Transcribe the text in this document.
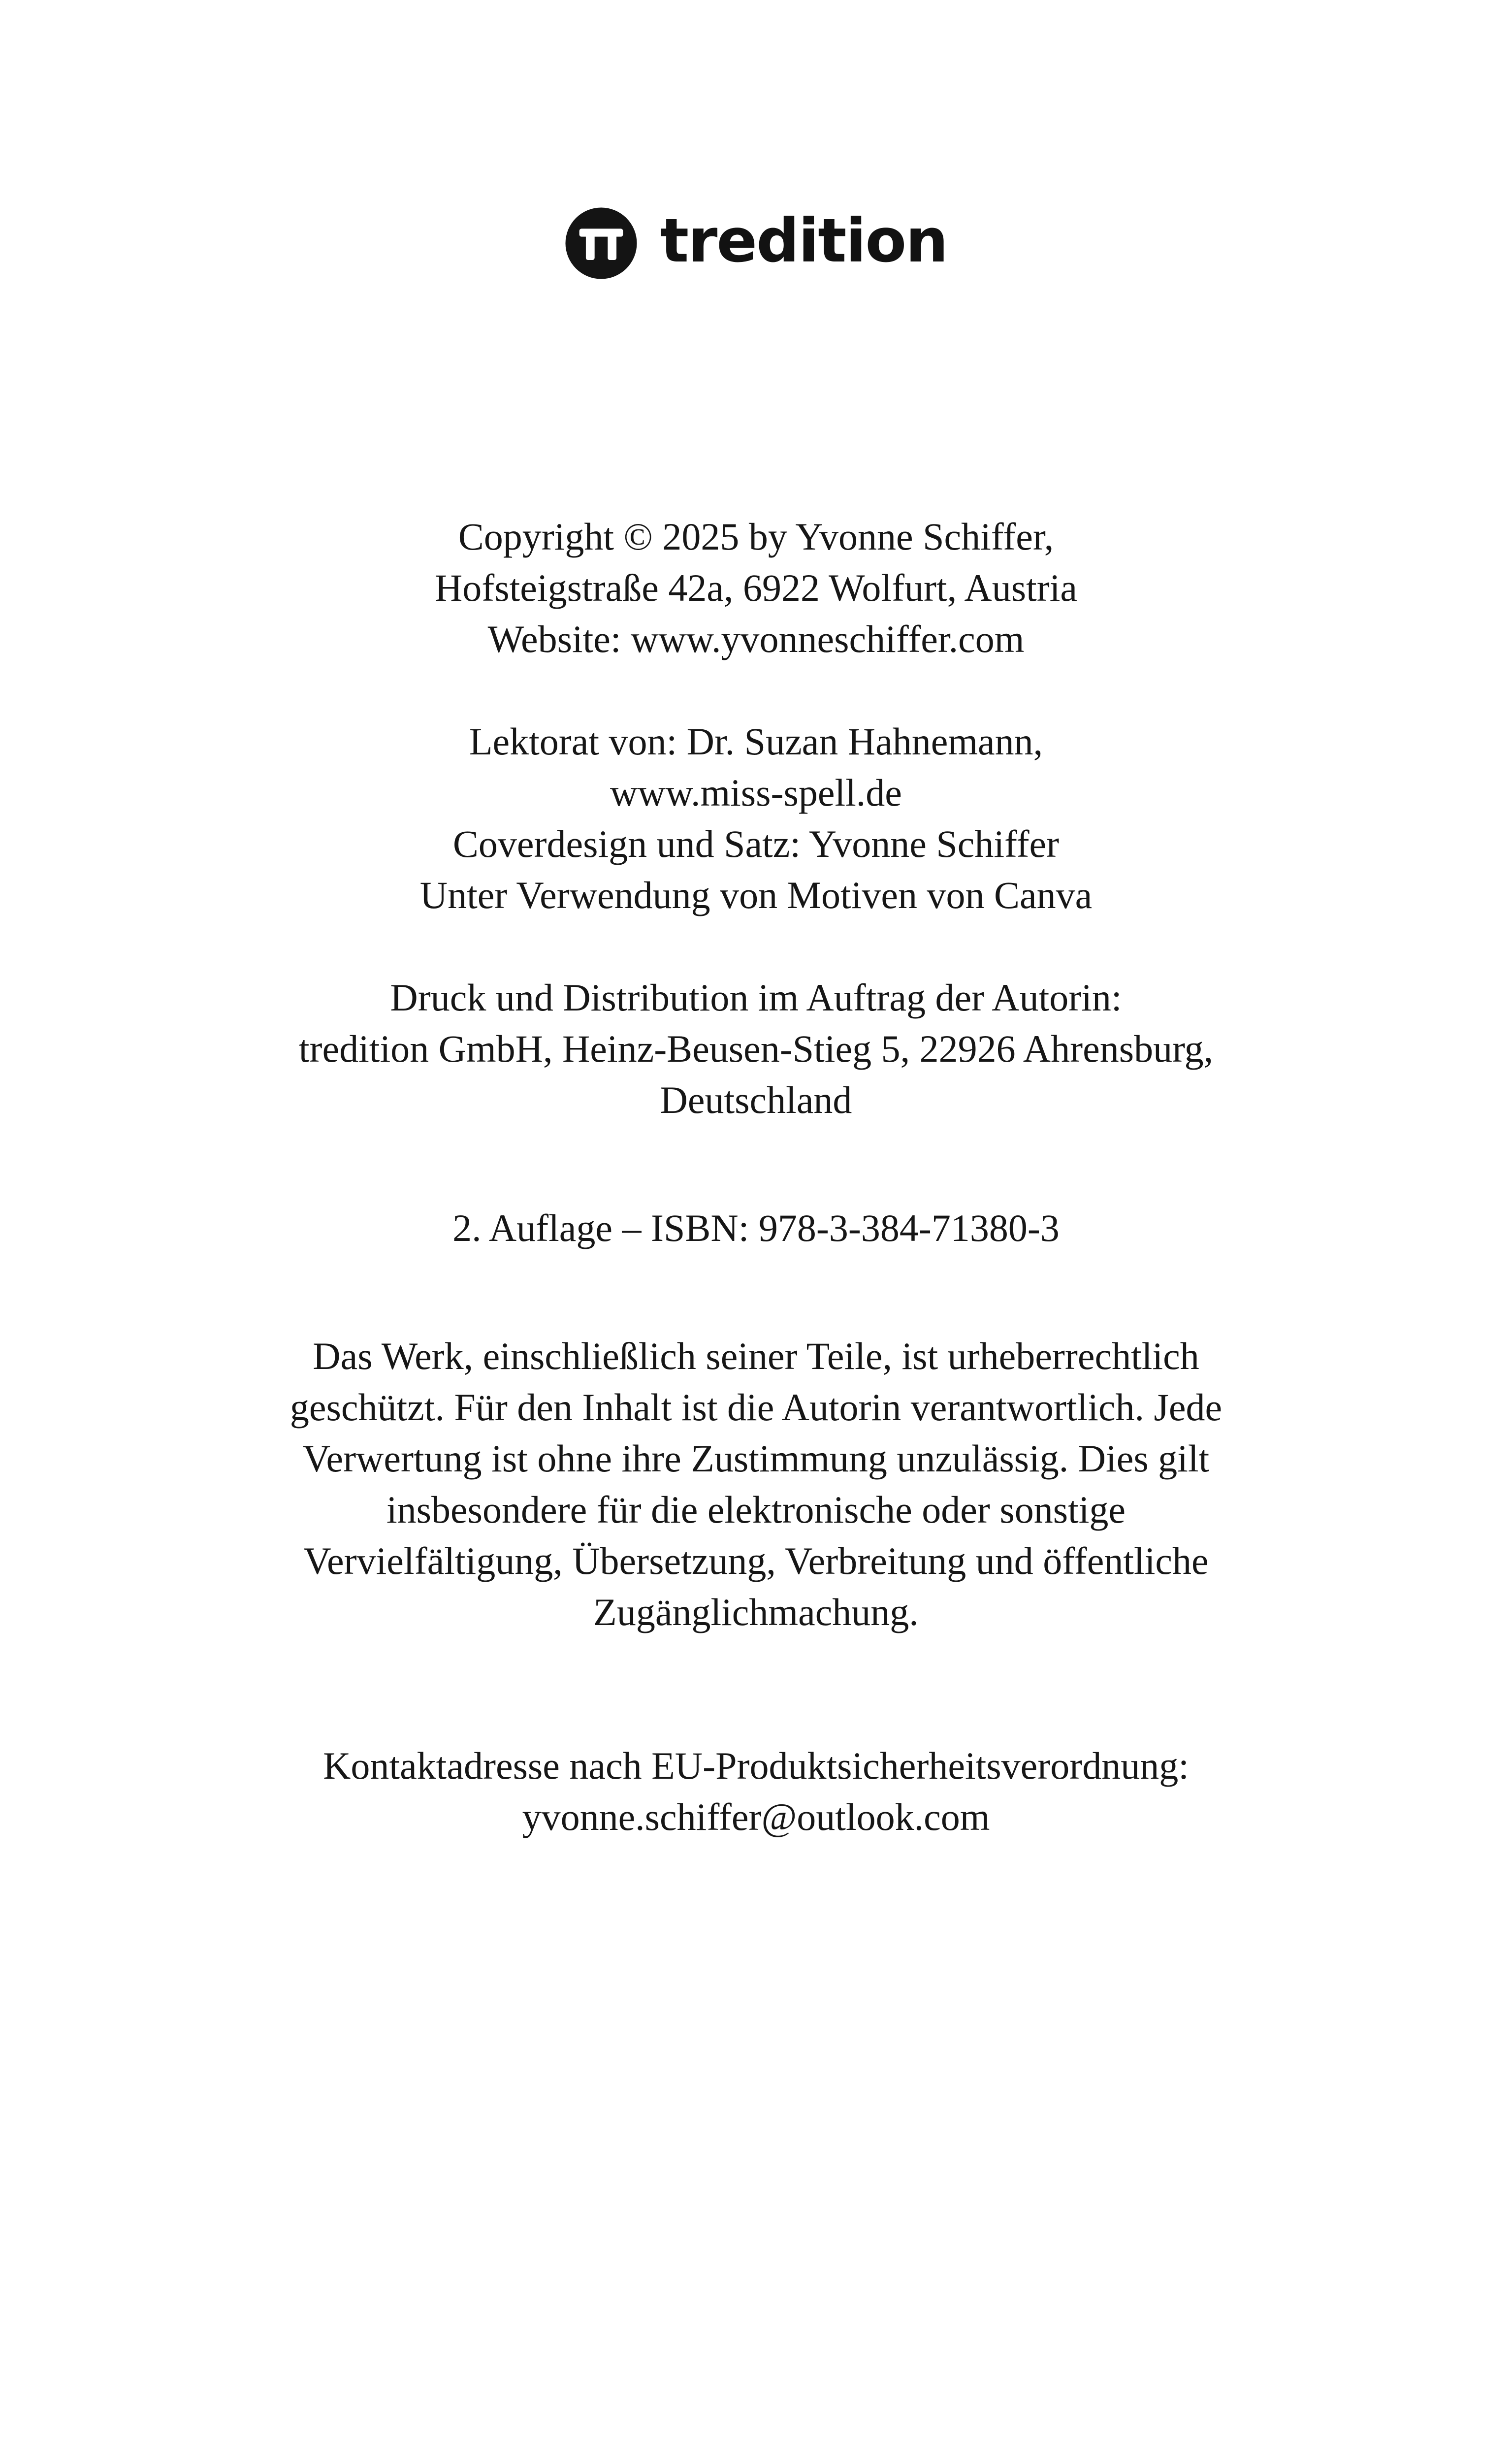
tredition
Copyright © 2025 by Yvonne Schiffer,
Hofsteigstraße 42a, 6922 Wolfurt, Austria
Website: www.yvonneschiffer.com
Lektorat von: Dr. Suzan Hahnemann,
www.miss-spell.de
Coverdesign und Satz: Yvonne Schiffer
Unter Verwendung von Motiven von Canva
Druck und Distribution im Auftrag der Autorin:
tredition GmbH, Heinz-Beusen-Stieg 5, 22926 Ahrensburg,
Deutschland
2. Auflage – ISBN: 978-3-384-71380-3
Das Werk, einschließlich seiner Teile, ist urheberrechtlich
geschützt. Für den Inhalt ist die Autorin verantwortlich. Jede
Verwertung ist ohne ihre Zustimmung unzulässig. Dies gilt
insbesondere für die elektronische oder sonstige
Vervielfältigung, Übersetzung, Verbreitung und öffentliche
Zugänglichmachung.
Kontaktadresse nach EU-Produktsicherheitsverordnung:
yvonne.schiffer@outlook.com
